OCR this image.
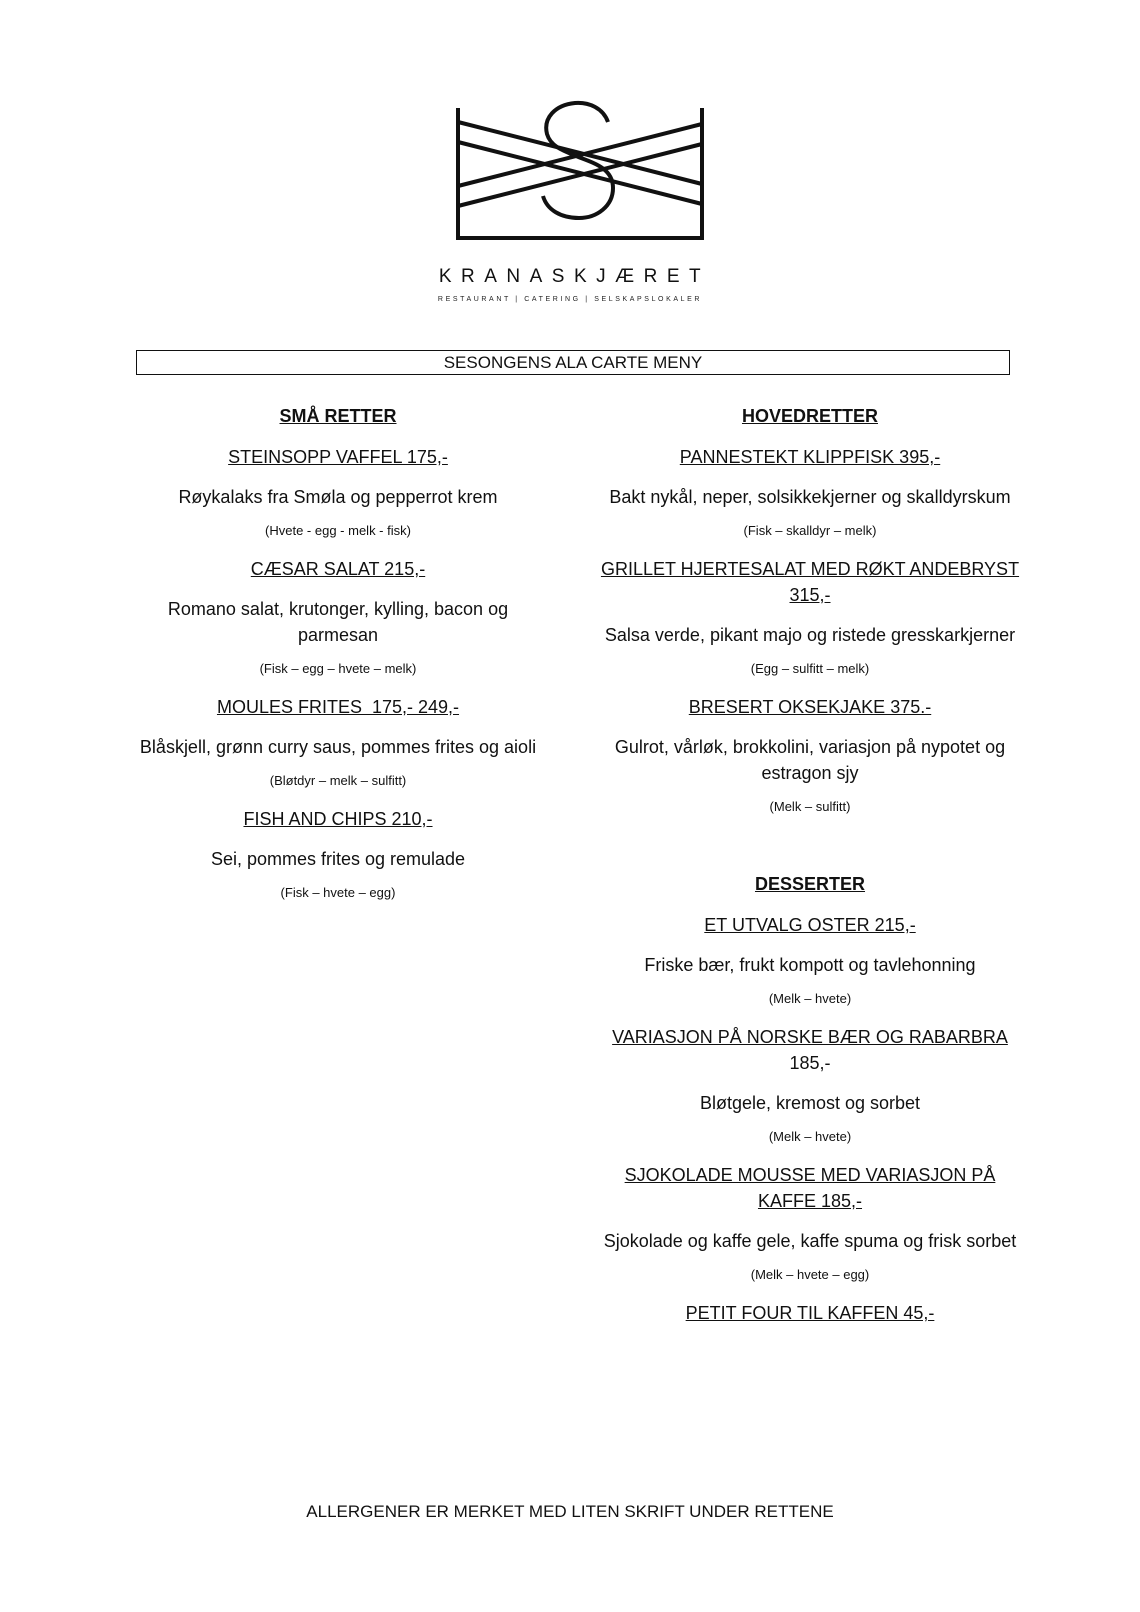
KRANASKJÆRET
RESTAURANT | CATERING | SELSKAPSLOKALER
SESONGENS ALA CARTE MENY
SMÅ RETTER
STEINSOPP VAFFEL 175,-
Røykalaks fra Smøla og pepperrot krem
(Hvete - egg - melk - fisk)
CÆSAR SALAT 215,-
Romano salat, krutonger, kylling, bacon og parmesan
(Fisk – egg – hvete – melk)
MOULES FRITES  175,- 249,-
Blåskjell, grønn curry saus, pommes frites og aioli
(Bløtdyr – melk – sulfitt)
FISH AND CHIPS 210,-
Sei, pommes frites og remulade
(Fisk – hvete – egg)
HOVEDRETTER
PANNESTEKT KLIPPFISK 395,-
Bakt nykål, neper, solsikkekjerner og skalldyrskum
(Fisk – skalldyr – melk)
GRILLET HJERTESALAT MED RØKT ANDEBRYST 315,-
Salsa verde, pikant majo og ristede gresskarkjerner
(Egg – sulfitt – melk)
BRESERT OKSEKJAKE 375.-
Gulrot, vårløk, brokkolini, variasjon på nypotet og estragon sjy
(Melk – sulfitt)
DESSERTER
ET UTVALG OSTER 215,-
Friske bær, frukt kompott og tavlehonning
(Melk – hvete)
VARIASJON PÅ NORSKE BÆR OG RABARBRA
185,-
Bløtgele, kremost og sorbet
(Melk – hvete)
SJOKOLADE MOUSSE MED VARIASJON PÅ KAFFE 185,-
Sjokolade og kaffe gele, kaffe spuma og frisk sorbet
(Melk – hvete – egg)
PETIT FOUR TIL KAFFEN 45,-
ALLERGENER ER MERKET MED LITEN SKRIFT UNDER RETTENE
